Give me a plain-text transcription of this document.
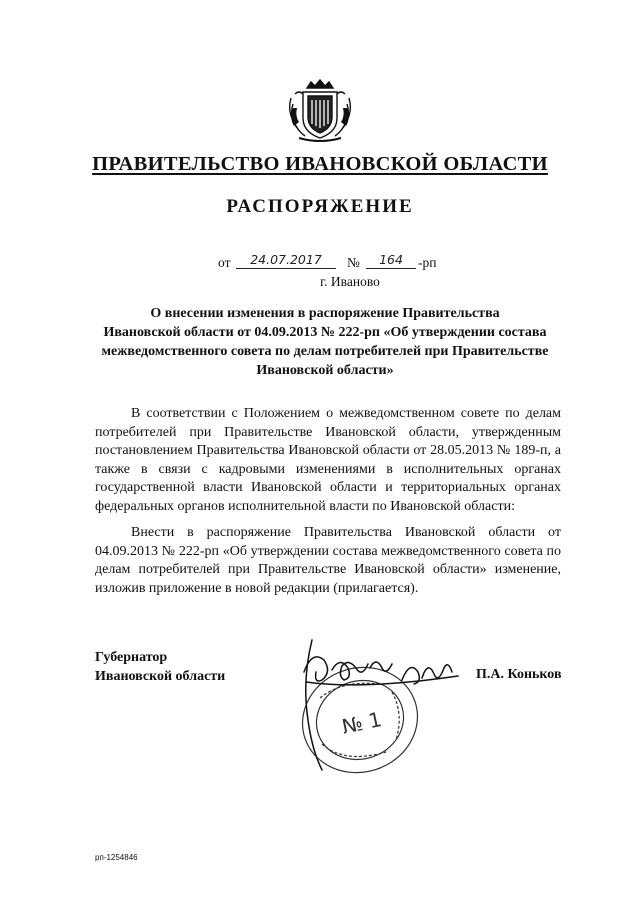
ПРАВИТЕЛЬСТВО ИВАНОВСКОЙ ОБЛАСТИ
РАСПОРЯЖЕНИЕ
от	24.07.2017	№	164	-рп
г. Иваново
О внесении изменения в распоряжение Правительства
Ивановской области от 04.09.2013 № 222-рп «Об утверждении состава
межведомственного совета по делам потребителей при Правительстве
Ивановской области»
В соответствии с Положением о межведомственном совете по делам потребителей при Правительстве Ивановской области, утвержденным постановлением Правительства Ивановской области от 28.05.2013 № 189-п, а также в связи с кадровыми изменениями в исполнительных органах государственной власти Ивановской области и территориальных органах федеральных органов исполнительной власти по Ивановской области:
Внести в распоряжение Правительства Ивановской области от 04.09.2013 № 222-рп «Об утверждении состава межведомственного совета по делам потребителей при Правительстве Ивановской области» изменение, изложив приложение в новой редакции (прилагается).
Губернатор
Ивановской области
№ 1
П.А. Коньков
рп-1254846
